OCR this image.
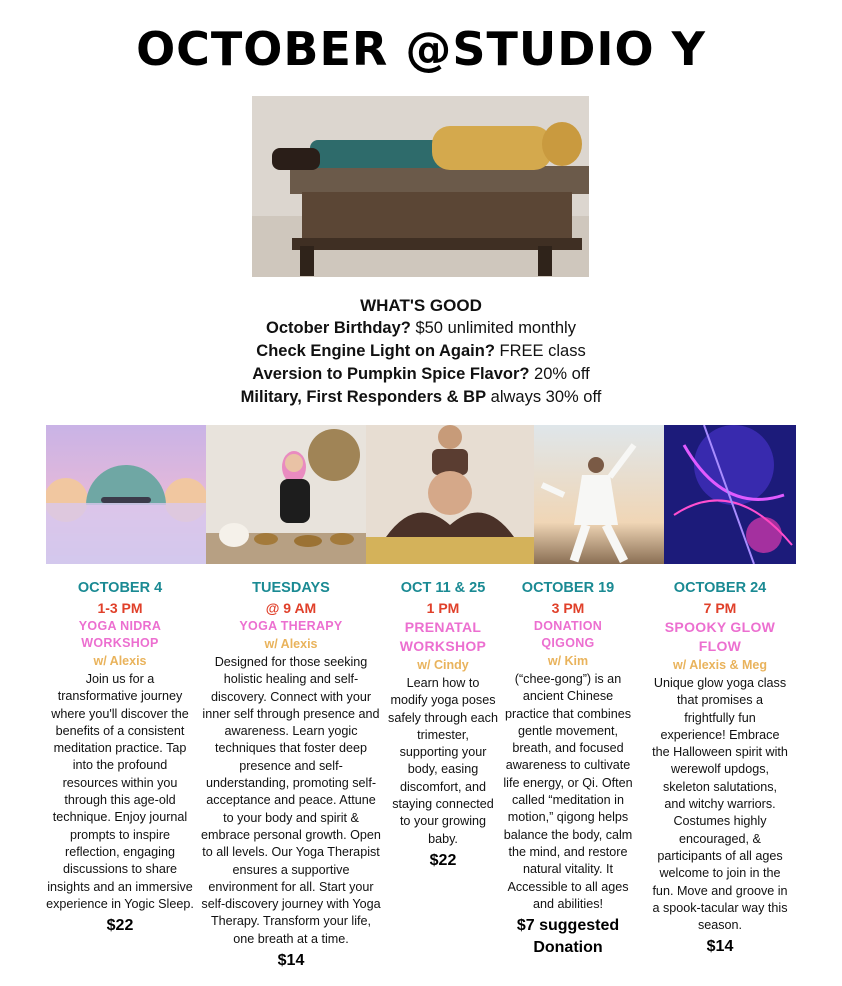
OCTOBER @STUDIO Y
WHAT'S GOOD
October Birthday? $50 unlimited monthly
Check Engine Light on Again? FREE class
Aversion to Pumpkin Spice Flavor? 20% off
Military, First Responders & BP always 30% off
OCTOBER 4
1-3 PM
YOGA NIDRA WORKSHOP
w/ Alexis
Join us for a transformative journey where you'll discover the benefits of a consistent meditation practice. Tap into the profound resources within you through this age-old technique. Enjoy journal prompts to inspire reflection, engaging discussions to share insights and an immersive experience in Yogic Sleep.
$22
TUESDAYS
@ 9 AM
YOGA THERAPY
w/ Alexis
Designed for those seeking holistic healing and self-discovery. Connect with your inner self through presence and awareness. Learn yogic techniques that foster deep presence and self-understanding, promoting self-acceptance and peace. Attune to your body and spirit & embrace personal growth. Open to all levels. Our Yoga Therapist ensures a supportive environment for all. Start your self-discovery journey with Yoga Therapy. Transform your life, one breath at a time.
$14
OCT 11 & 25
1 PM
PRENATAL WORKSHOP
w/ Cindy
Learn how to modify yoga poses safely through each trimester, supporting your body, easing discomfort, and staying connected to your growing baby.
$22
OCTOBER 19
3 PM
DONATION QIGONG
w/ Kim
(“chee-gong”) is an ancient Chinese practice that combines gentle movement, breath, and focused awareness to cultivate life energy, or Qi. Often called “meditation in motion,” qigong helps balance the body, calm the mind, and restore natural vitality. It Accessible to all ages and abilities!
$7 suggested Donation
OCTOBER 24
7 PM
SPOOKY GLOW FLOW
w/ Alexis & Meg
Unique glow yoga class that promises a frightfully fun experience! Embrace the Halloween spirit with werewolf updogs, skeleton salutations, and witchy warriors. Costumes highly encouraged, & participants of all ages welcome to join in the fun. Move and groove in a spook-tacular way this season.
$14
